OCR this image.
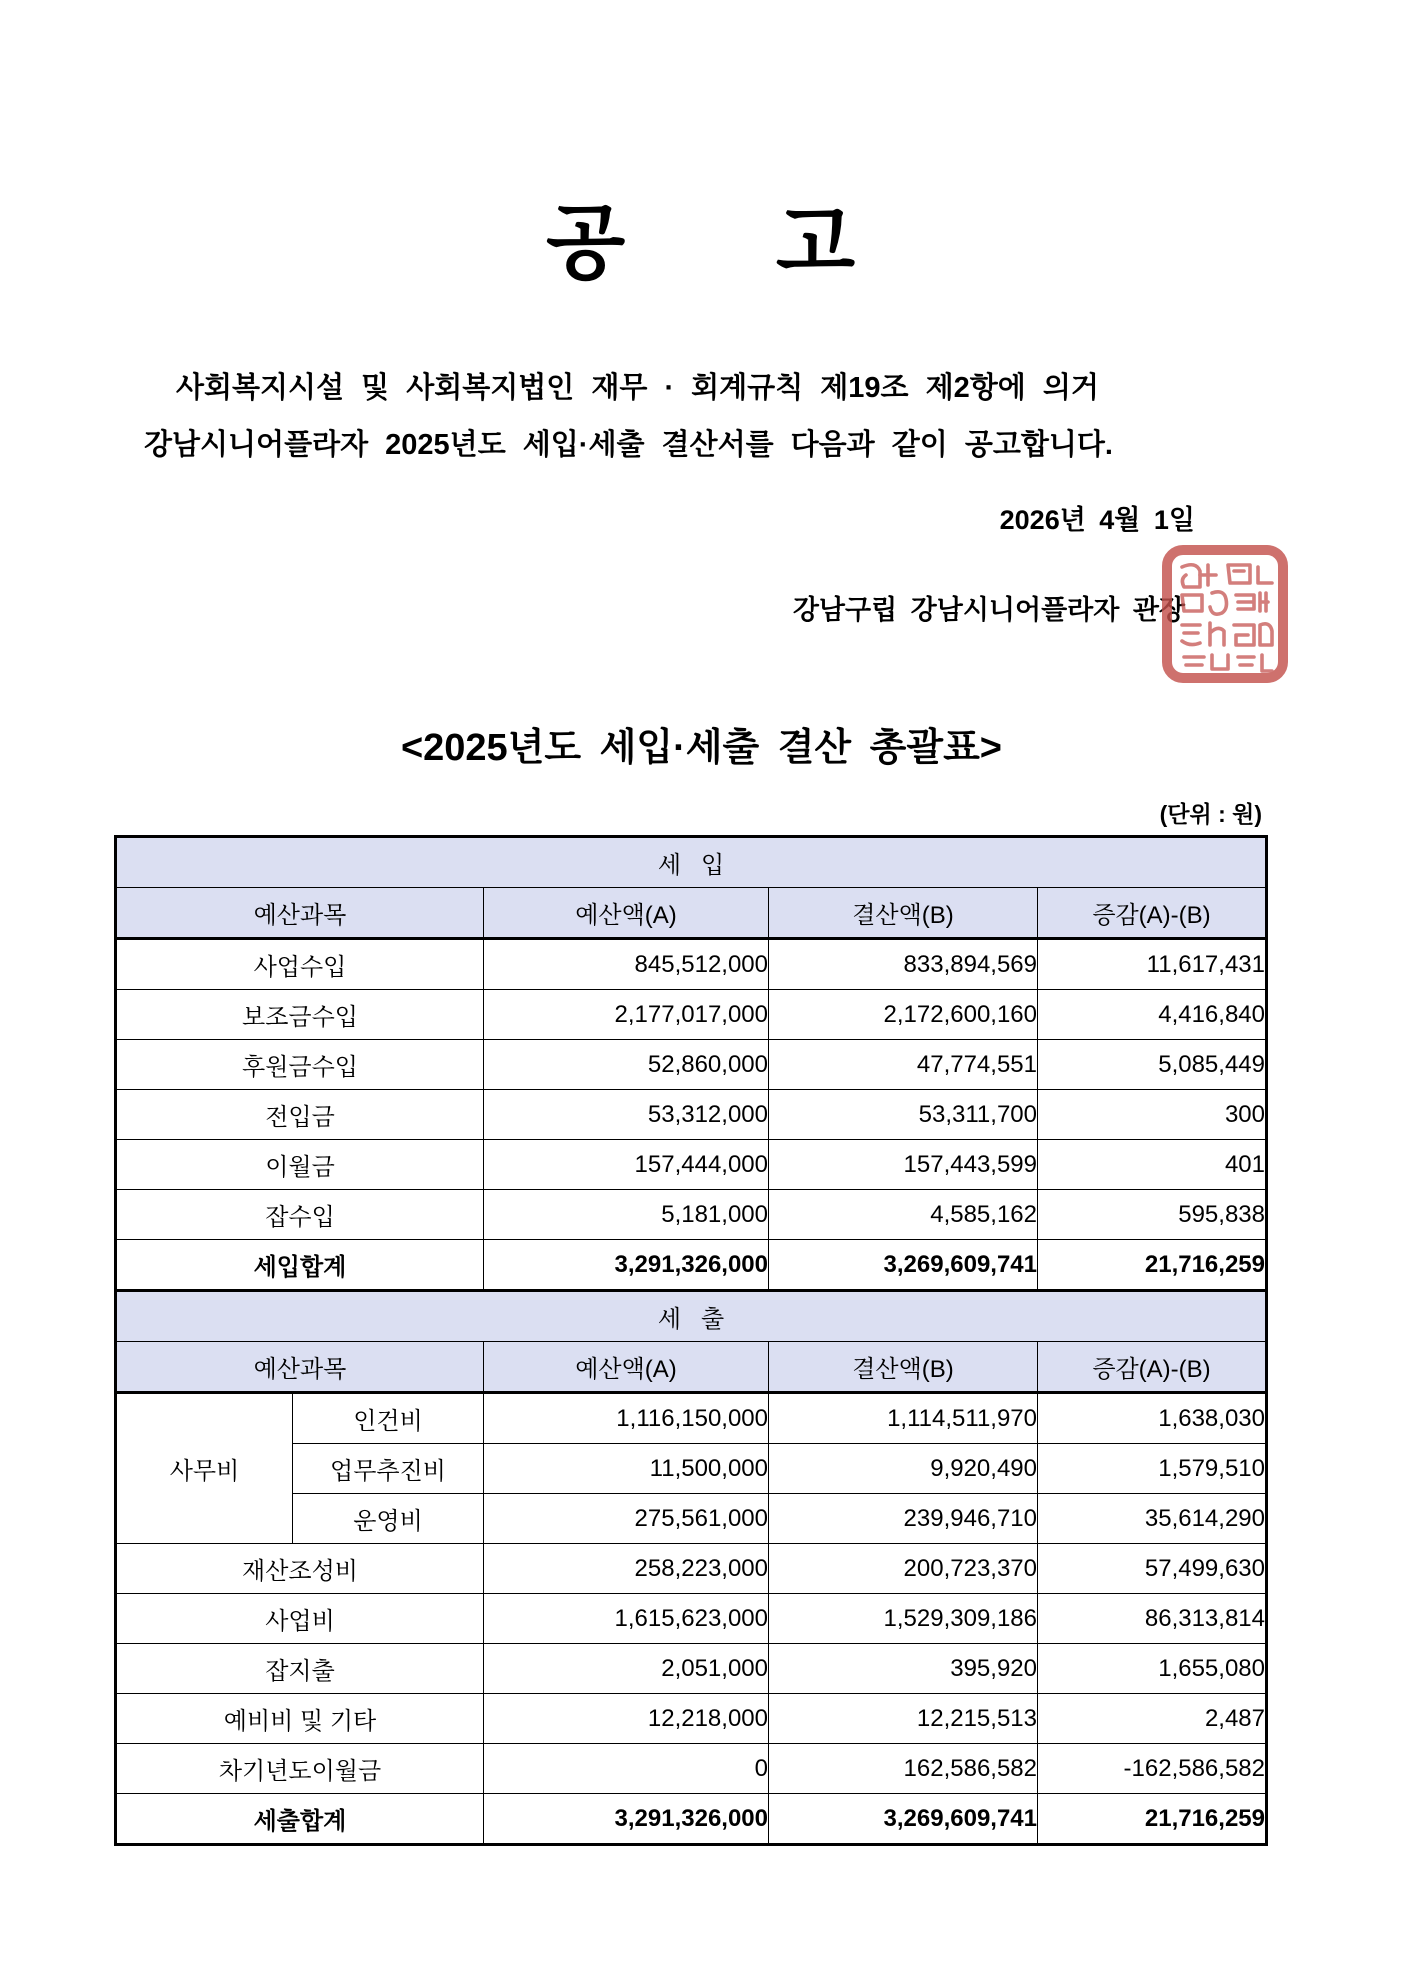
공      고

사회복지시설 및 사회복지법인 재무 · 회계규칙 제19조 제2항에 의거

강남시니어플라자 2025년도 세입·세출 결산서를 다음과 같이 공고합니다.

2026년 4월 1일
강남구립 강남시니어플라자 관장
<2025년도 세입·세출 결산 총괄표>
(단위 : 원)
세   입				
예산과목		예산액(A)	결산액(B)	증감(A)-(B)
사업수입		845,512,000	833,894,569	11,617,431
보조금수입		2,177,017,000	2,172,600,160	4,416,840
후원금수입		52,860,000	47,774,551	5,085,449
전입금		53,312,000	53,311,700	300
이월금		157,444,000	157,443,599	401
잡수입		5,181,000	4,585,162	595,838
세입합계		3,291,326,000	3,269,609,741	21,716,259
세   출				
예산과목		예산액(A)	결산액(B)	증감(A)-(B)
사무비	인건비	1,116,150,000	1,114,511,970	1,638,030
	업무추진비	11,500,000	9,920,490	1,579,510
	운영비	275,561,000	239,946,710	35,614,290
재산조성비		258,223,000	200,723,370	57,499,630
사업비		1,615,623,000	1,529,309,186	86,313,814
잡지출		2,051,000	395,920	1,655,080
예비비 및 기타		12,218,000	12,215,513	2,487
차기년도이월금		0	162,586,582	-162,586,582
세출합계		3,291,326,000	3,269,609,741	21,716,259
